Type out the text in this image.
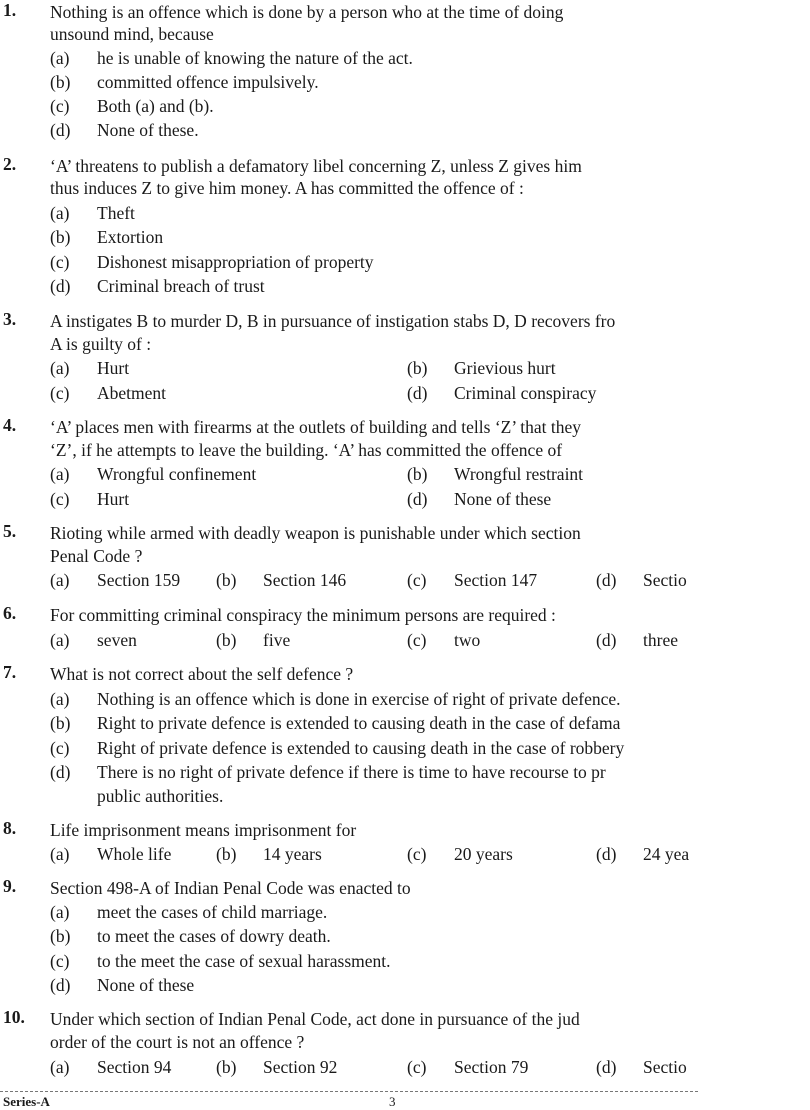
1. Nothing is an offence which is done by a person who at the time of doing
unsound mind, because
(a) he is unable of knowing the nature of the act.
(b) committed offence impulsively.
(c) Both (a) and (b).
(d) None of these.
2. ‘A’ threatens to publish a defamatory libel concerning Z, unless Z gives him
thus induces Z to give him money. A has committed the offence of :
(a) Theft
(b) Extortion
(c) Dishonest misappropriation of property
(d) Criminal breach of trust
3. A instigates B to murder D, B in pursuance of instigation stabs D, D recovers fro
A is guilty of :
(a) Hurt	(b) Grievious hurt
(c) Abetment	(d) Criminal conspiracy
4. ‘A’ places men with firearms at the outlets of building and tells ‘Z’ that they
‘Z’, if he attempts to leave the building. ‘A’ has committed the offence of
(a) Wrongful confinement	(b) Wrongful restraint
(c) Hurt	(d) None of these
5. Rioting while armed with deadly weapon is punishable under which section
Penal Code ?
(a) Section 159 (b) Section 146	(c) Section 147	(d) Sectio
6. For committing criminal conspiracy the minimum persons are required :
(a) seven	(b) five	(c) two	(d) three
7. What is not correct about the self defence ?
(a) Nothing is an offence which is done in exercise of right of private defence.
(b) Right to private defence is extended to causing death in the case of defama
(c) Right of private defence is extended to causing death in the case of robbery
(d) There is no right of private defence if there is time to have recourse to pr
public authorities.
8. Life imprisonment means imprisonment for
(a) Whole life	(b) 14 years	(c) 20 years	(d) 24 yea
9. Section 498-A of Indian Penal Code was enacted to
(a) meet the cases of child marriage.
(b) to meet the cases of dowry death.
(c) to the meet the case of sexual harassment.
(d) None of these
10. Under which section of Indian Penal Code, act done in pursuance of the jud
order of the court is not an offence ?
(a) Section 94	(b) Section 92	(c) Section 79	(d) Sectio
Series-A	3
